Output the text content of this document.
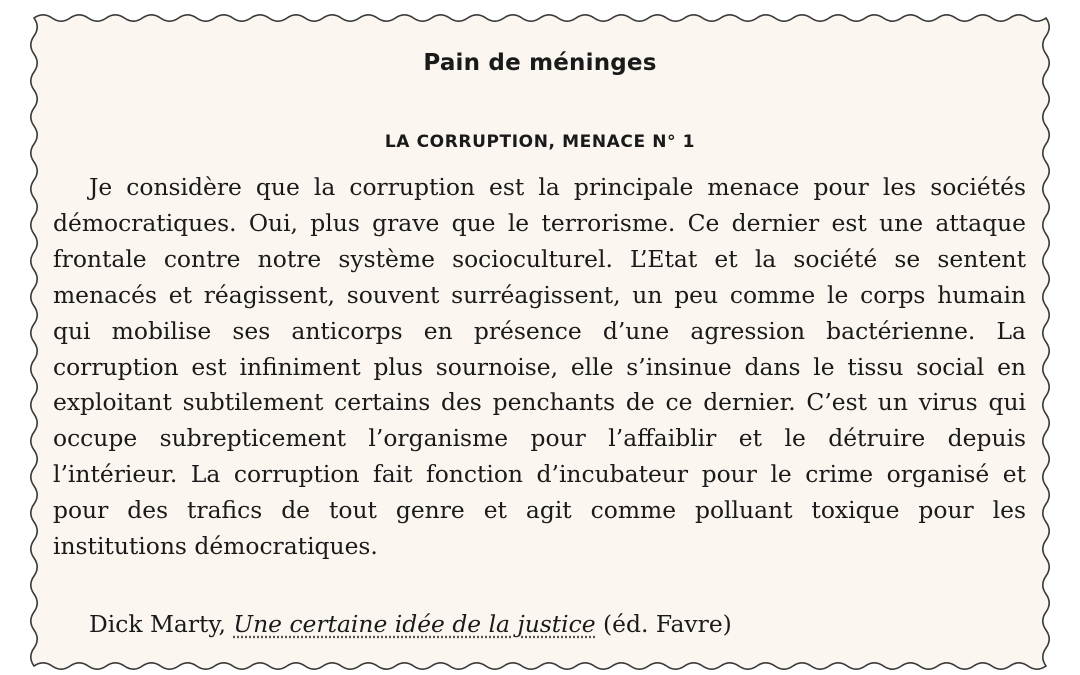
Pain de méninges
LA CORRUPTION, MENACE N° 1

Je considère que la corruption est la principale menace pour les sociétés démocratiques. Oui, plus grave que le terrorisme. Ce dernier est une attaque frontale contre notre système socioculturel. L’Etat et la société se sentent menacés et réagissent, souvent surréagissent, un peu comme le corps humain qui mobilise ses anticorps en présence d’une agression bactérienne. La corruption est infiniment plus sournoise, elle s’insinue dans le tissu social en exploitant subtilement certains des penchants de ce dernier. C’est un virus qui occupe subrepticement l’organisme pour l’affaiblir et le détruire depuis l’intérieur. La corruption fait fonction d’incubateur pour le crime organisé et pour des trafics de tout genre et agit comme polluant toxique pour les institutions démocratiques.

Dick Marty, Une certaine idée de la justice (éd. Favre)
